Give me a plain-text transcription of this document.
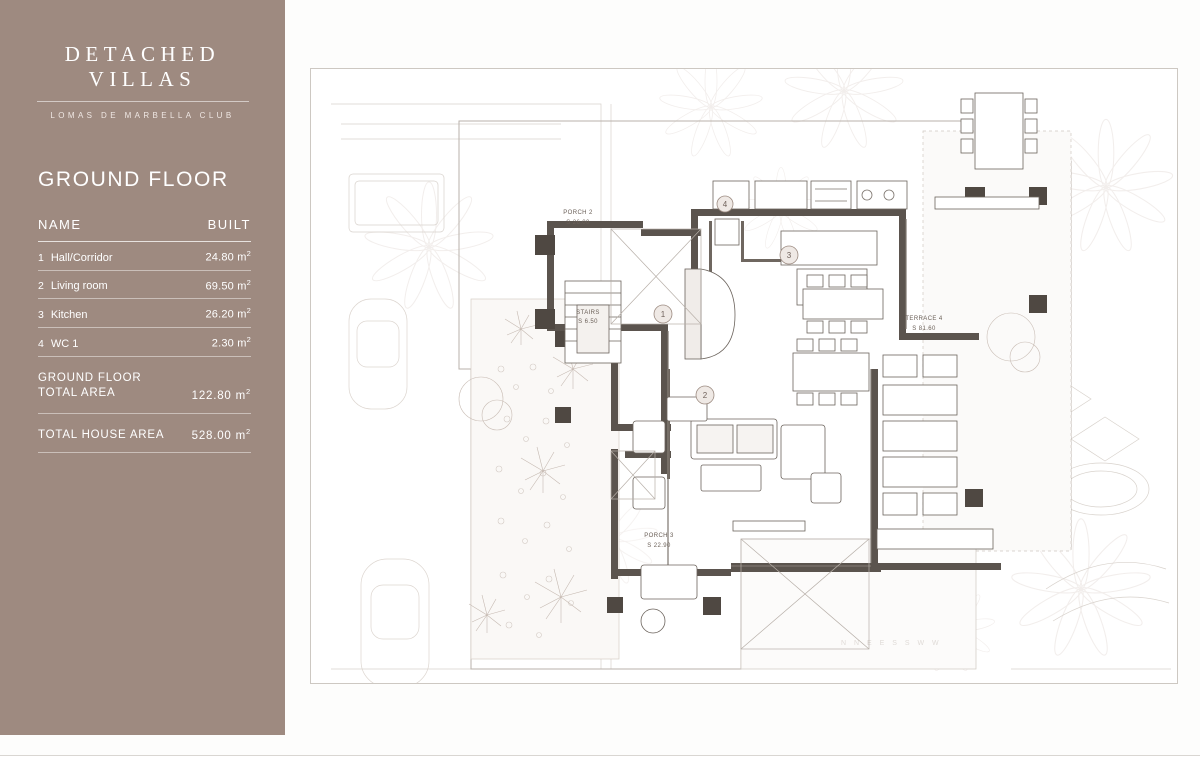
DETACHED VILLAS
LOMAS DE MARBELLA CLUB
GROUND FLOOR
NAME	BUILT
1 Hall/Corridor	24.80 $m^2$
2 Living room	69.50 $m^2$
3 Kitchen	26.20 $m^2$
4 WC 1	2.30 $m^2$
GROUND FLOOR
TOTAL AREA	122.80 $m^2$
TOTAL HOUSE AREA 528.00 $m^2$
PORCH 2
S 26.00
PORCH 3
S 22.90
TERRACE 4
S 81.60
STAIRS
S 6.50
1
2
3
4
N N E E S S W W
